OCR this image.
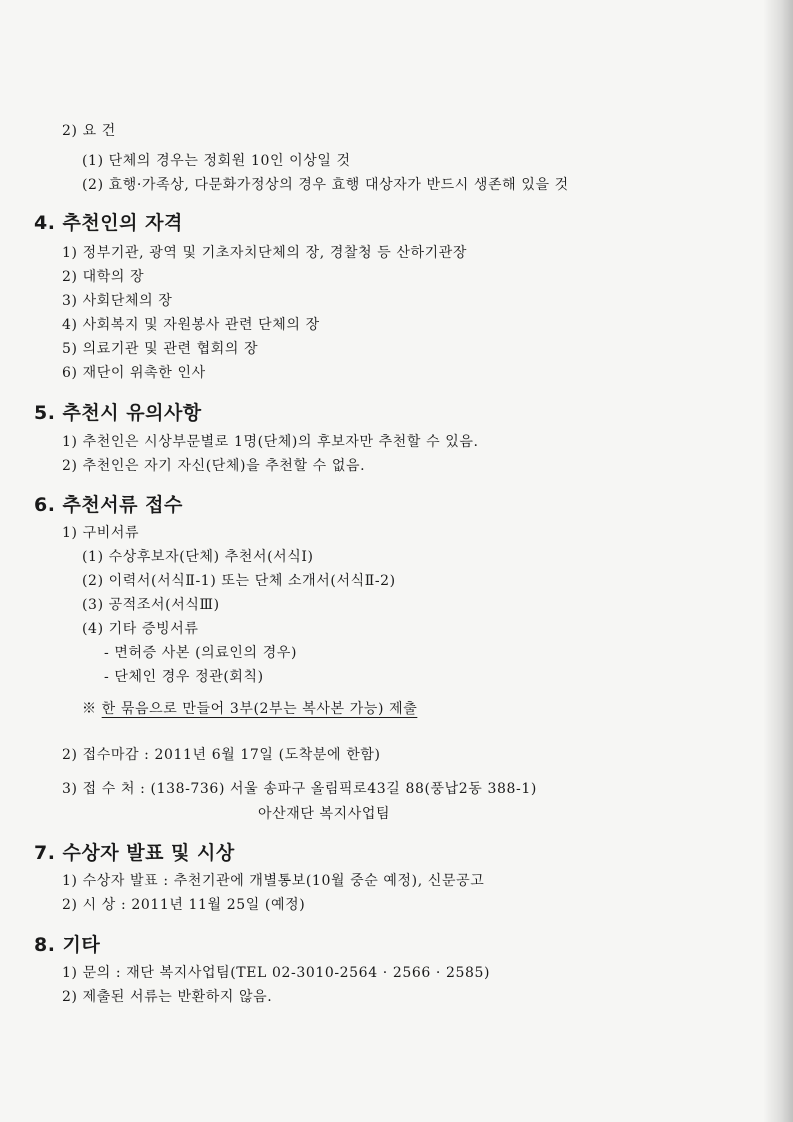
2) 요 건
(1) 단체의 경우는 정회원 10인 이상일 것
(2) 효행·가족상, 다문화가정상의 경우 효행 대상자가 반드시 생존해 있을 것
4. 추천인의 자격
1) 정부기관, 광역 및 기초자치단체의 장, 경찰청 등 산하기관장
2) 대학의 장
3) 사회단체의 장
4) 사회복지 및 자원봉사 관련 단체의 장
5) 의료기관 및 관련 협회의 장
6) 재단이 위촉한 인사
5. 추천시 유의사항
1) 추천인은 시상부문별로 1명(단체)의 후보자만 추천할 수 있음.
2) 추천인은 자기 자신(단체)을 추천할 수 없음.
6. 추천서류 접수
1) 구비서류
(1) 수상후보자(단체) 추천서(서식Ⅰ)
(2) 이력서(서식Ⅱ-1) 또는 단체 소개서(서식Ⅱ-2)
(3) 공적조서(서식Ⅲ)
(4) 기타 증빙서류
- 면허증 사본 (의료인의 경우)
- 단체인 경우 정관(회칙)
※ 한 묶음으로 만들어 3부(2부는 복사본 가능) 제출
2) 접수마감 : 2011년 6월 17일 (도착분에 한함)
3) 접 수 처 : (138-736) 서울 송파구 올림픽로43길 88(풍납2동 388-1)
아산재단 복지사업팀
7. 수상자 발표 및 시상
1) 수상자 발표 : 추천기관에 개별통보(10월 중순 예정), 신문공고
2) 시 상 : 2011년 11월 25일 (예정)
8. 기타
1) 문의 : 재단 복지사업팀(TEL 02-3010-2564 · 2566 · 2585)
2) 제출된 서류는 반환하지 않음.
